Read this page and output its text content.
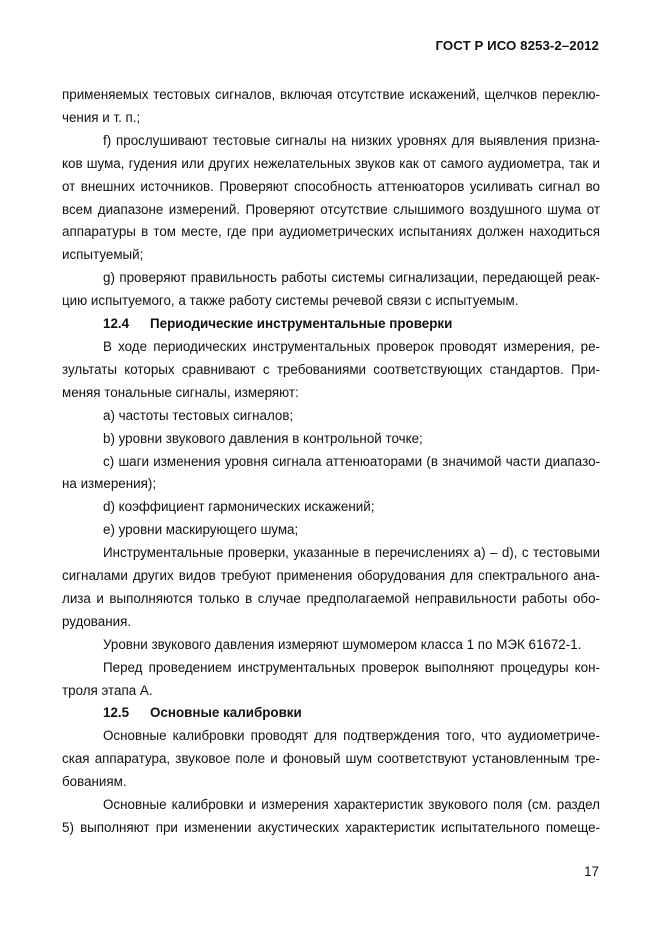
ГОСТ Р ИСО 8253-2–2012
применяемых тестовых сигналов, включая отсутствие искажений, щелчков переклю-
чения и т. п.;
f) прослушивают тестовые сигналы на низких уровнях для выявления призна-
ков шума, гудения или других нежелательных звуков как от самого аудиометра, так и
от внешних источников. Проверяют способность аттенюаторов усиливать сигнал во
всем диапазоне измерений. Проверяют отсутствие слышимого воздушного шума от
аппаратуры в том месте, где при аудиометрических испытаниях должен находиться
испытуемый;
g) проверяют правильность работы системы сигнализации, передающей реак-
цию испытуемого, а также работу системы речевой связи с испытуемым.
12.4 Периодические инструментальные проверки
В ходе периодических инструментальных проверок проводят измерения, ре-
зультаты которых сравнивают с требованиями соответствующих стандартов. При-
меняя тональные сигналы, измеряют:
а) частоты тестовых сигналов;
b) уровни звукового давления в контрольной точке;
с) шаги изменения уровня сигнала аттенюаторами (в значимой части диапазо-
на измерения);
d) коэффициент гармонических искажений;
е) уровни маскирующего шума;
Инструментальные проверки, указанные в перечислениях а) – d), с тестовыми
сигналами других видов требуют применения оборудования для спектрального ана-
лиза и выполняются только в случае предполагаемой неправильности работы обо-
рудования.
Уровни звукового давления измеряют шумомером класса 1 по МЭК 61672-1.
Перед проведением инструментальных проверок выполняют процедуры кон-
троля этапа А.
12.5 Основные калибровки
Основные калибровки проводят для подтверждения того, что аудиометриче-
ская аппаратура, звуковое поле и фоновый шум соответствуют установленным тре-
бованиям.
Основные калибровки и измерения характеристик звукового поля (см. раздел
5) выполняют при изменении акустических характеристик испытательного помеще-
17
